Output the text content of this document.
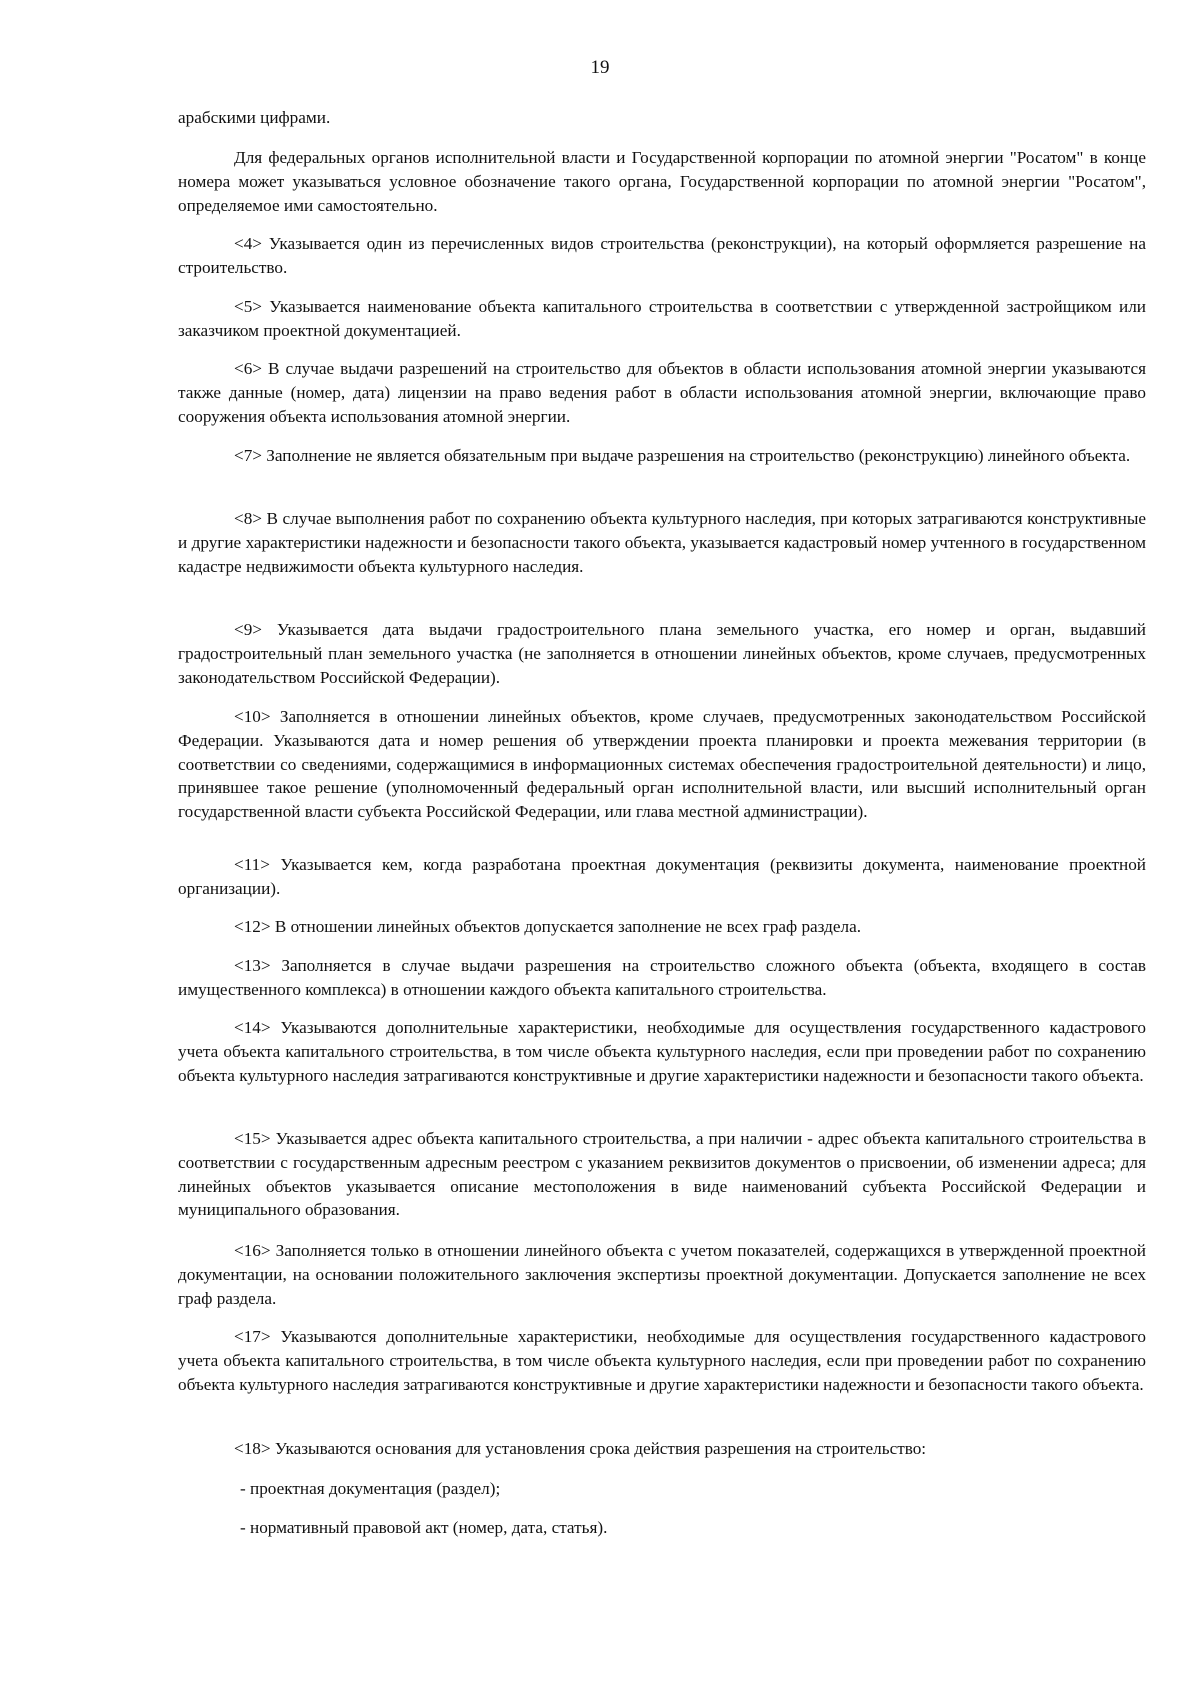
19

арабскими цифрами.

Для федеральных органов исполнительной власти и Государственной корпорации по атомной энергии "Росатом" в конце номера может указываться условное обозначение такого органа, Государственной корпорации по атомной энергии "Росатом", определяемое ими самостоятельно.

<4> Указывается один из перечисленных видов строительства (реконструкции), на который оформляется разрешение на строительство.

<5> Указывается наименование объекта капитального строительства в соответствии с утвержденной застройщиком или заказчиком проектной документацией.

<6> В случае выдачи разрешений на строительство для объектов в области использования атомной энергии указываются также данные (номер, дата) лицензии на право ведения работ в области использования атомной энергии, включающие право сооружения объекта использования атомной энергии.

<7> Заполнение не является обязательным при выдаче разрешения на строительство (реконструкцию) линейного объекта.

<8> В случае выполнения работ по сохранению объекта культурного наследия, при которых затрагиваются конструктивные и другие характеристики надежности и безопасности такого объекта, указывается кадастровый номер учтенного в государственном кадастре недвижимости объекта культурного наследия.

<9> Указывается дата выдачи градостроительного плана земельного участка, его номер и орган, выдавший градостроительный план земельного участка (не заполняется в отношении линейных объектов, кроме случаев, предусмотренных законодательством Российской Федерации).

<10> Заполняется в отношении линейных объектов, кроме случаев, предусмотренных законодательством Российской Федерации. Указываются дата и номер решения об утверждении проекта планировки и проекта межевания территории (в соответствии со сведениями, содержащимися в информационных системах обеспечения градостроительной деятельности) и лицо, принявшее такое решение (уполномоченный федеральный орган исполнительной власти, или высший исполнительный орган государственной власти субъекта Российской Федерации, или глава местной администрации).

<11> Указывается кем, когда разработана проектная документация (реквизиты документа, наименование проектной организации).

<12> В отношении линейных объектов допускается заполнение не всех граф раздела.

<13> Заполняется в случае выдачи разрешения на строительство сложного объекта (объекта, входящего в состав имущественного комплекса) в отношении каждого объекта капитального строительства.

<14> Указываются дополнительные характеристики, необходимые для осуществления государственного кадастрового учета объекта капитального строительства, в том числе объекта культурного наследия, если при проведении работ по сохранению объекта культурного наследия затрагиваются конструктивные и другие характеристики надежности и безопасности такого объекта.

<15> Указывается адрес объекта капитального строительства, а при наличии - адрес объекта капитального строительства в соответствии с государственным адресным реестром с указанием реквизитов документов о присвоении, об изменении адреса; для линейных объектов указывается описание местоположения в виде наименований субъекта Российской Федерации и муниципального образования.

<16> Заполняется только в отношении линейного объекта с учетом показателей, содержащихся в утвержденной проектной документации, на основании положительного заключения экспертизы проектной документации. Допускается заполнение не всех граф раздела.

<17> Указываются дополнительные характеристики, необходимые для осуществления государственного кадастрового учета объекта капитального строительства, в том числе объекта культурного наследия, если при проведении работ по сохранению объекта культурного наследия затрагиваются конструктивные и другие характеристики надежности и безопасности такого объекта.

<18> Указываются основания для установления срока действия разрешения на строительство:

- проектная документация (раздел);

- нормативный правовой акт (номер, дата, статья).
